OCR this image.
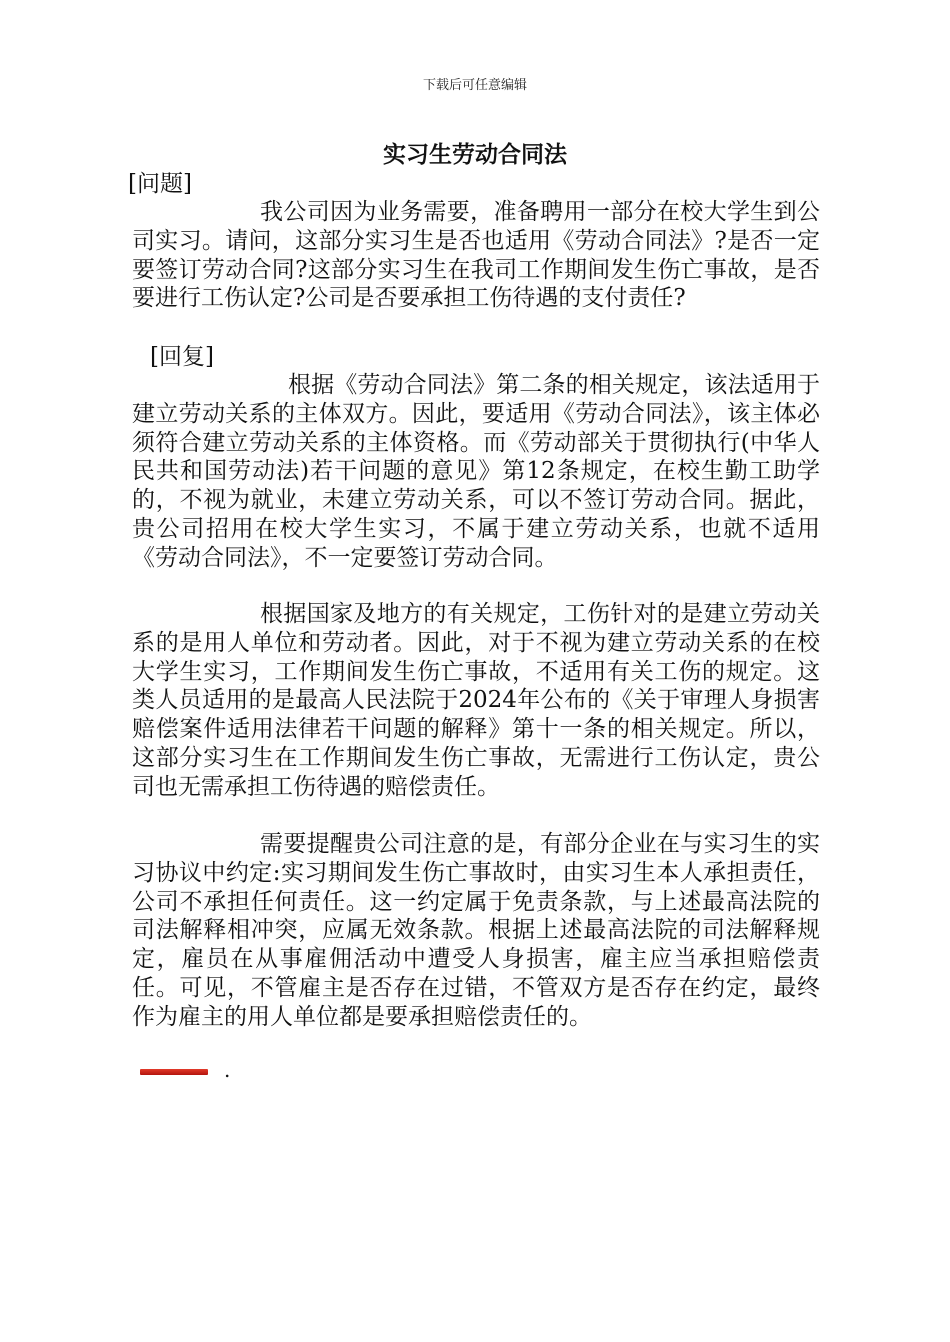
下载后可任意编辑
实习生劳动合同法
[问题]

我公司因为业务需要，准备聘用一部分在校大学生到公司实习。请问，这部分实习生是否也适用《劳动合同法》?是否一定要签订劳动合同?这部分实习生在我司工作期间发生伤亡事故，是否要进行工伤认定?公司是否要承担工伤待遇的支付责任?

[回复]

根据《劳动合同法》第二条的相关规定，该法适用于建立劳动关系的主体双方。因此，要适用《劳动合同法》，该主体必须符合建立劳动关系的主体资格。而《劳动部关于贯彻执行(中华人民共和国劳动法)若干问题的意见》第12条规定，在校生勤工助学的，不视为就业，未建立劳动关系，可以不签订劳动合同。据此，贵公司招用在校大学生实习，不属于建立劳动关系，也就不适用《劳动合同法》，不一定要签订劳动合同。

根据国家及地方的有关规定，工伤针对的是建立劳动关系的是用人单位和劳动者。因此，对于不视为建立劳动关系的在校大学生实习，工作期间发生伤亡事故，不适用有关工伤的规定。这类人员适用的是最高人民法院于2024年公布的《关于审理人身损害赔偿案件适用法律若干问题的解释》第十一条的相关规定。所以，这部分实习生在工作期间发生伤亡事故，无需进行工伤认定，贵公司也无需承担工伤待遇的赔偿责任。

需要提醒贵公司注意的是，有部分企业在与实习生的实习协议中约定:实习期间发生伤亡事故时，由实习生本人承担责任，公司不承担任何责任。这一约定属于免责条款，与上述最高法院的司法解释相冲突，应属无效条款。根据上述最高法院的司法解释规定，雇员在从事雇佣活动中遭受人身损害，雇主应当承担赔偿责任。可见，不管雇主是否存在过错，不管双方是否存在约定，最终作为雇主的用人单位都是要承担赔偿责任的。

.
